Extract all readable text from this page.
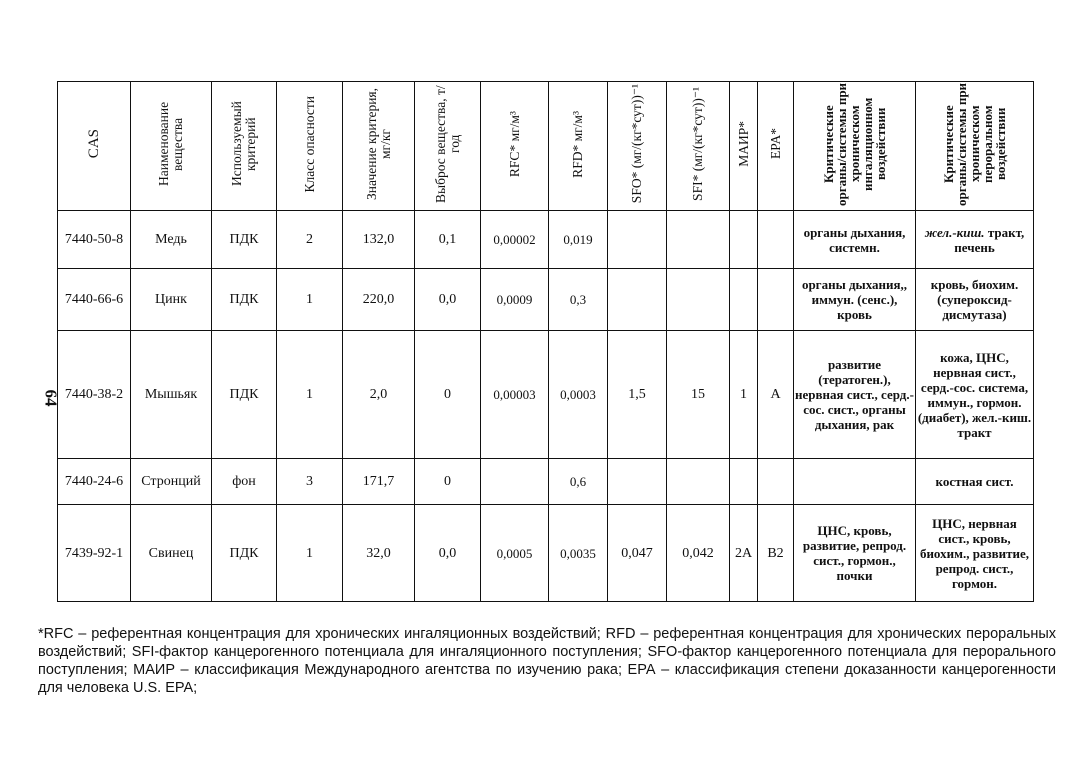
64
CAS	Наименование вещества	Используемый критерий	Класс опасности	Значение критерия, мг/кг	Выброс вещества, т/год	RFC* мг/м³	RFD* мг/м³	SFO* (мг/(кг*сут))⁻¹	SFI* (мг/(кг*сут))⁻¹	МАИР*	EPA*	Критические органы/системы при хроническом ингаляционном воздействии	Критические органы/системы при хроническом пероральном воздействии
7440-50-8	Медь	ПДК	2	132,0	0,1	0,00002	0,019					органы дыхания, системн.	жел.-киш. тракт, печень
7440-66-6	Цинк	ПДК	1	220,0	0,0	0,0009	0,3					органы дыхания,, иммун. (сенс.), кровь	кровь, биохим. (супероксид-дисмутаза)
7440-38-2	Мышьяк	ПДК	1	2,0	0	0,00003	0,0003	1,5	15	1	A	развитие (тератоген.), нервная сист., серд.-сос. сист., органы дыхания, рак	кожа, ЦНС, нервная сист., серд.-сос. система, иммун., гормон. (диабет), жел.-киш. тракт
7440-24-6	Стронций	фон	3	171,7	0		0,6						костная сист.
7439-92-1	Свинец	ПДК	1	32,0	0,0	0,0005	0,0035	0,047	0,042	2A	B2	ЦНС, кровь, развитие, репрод. сист., гормон., почки	ЦНС, нервная сист., кровь, биохим., развитие, репрод. сист., гормон.
*RFC – референтная концентрация для хронических ингаляционных воздействий; RFD – референтная концентрация для хронических пероральных воздействий; SFI-фактор канцерогенного потенциала для ингаляционного поступления; SFO-фактор канцерогенного потенциала для перорального поступления; МАИР – классификация Международного агентства по изучению рака; ЕРА – классификация степени доказанности канцерогенности для человека U.S. EPA;
